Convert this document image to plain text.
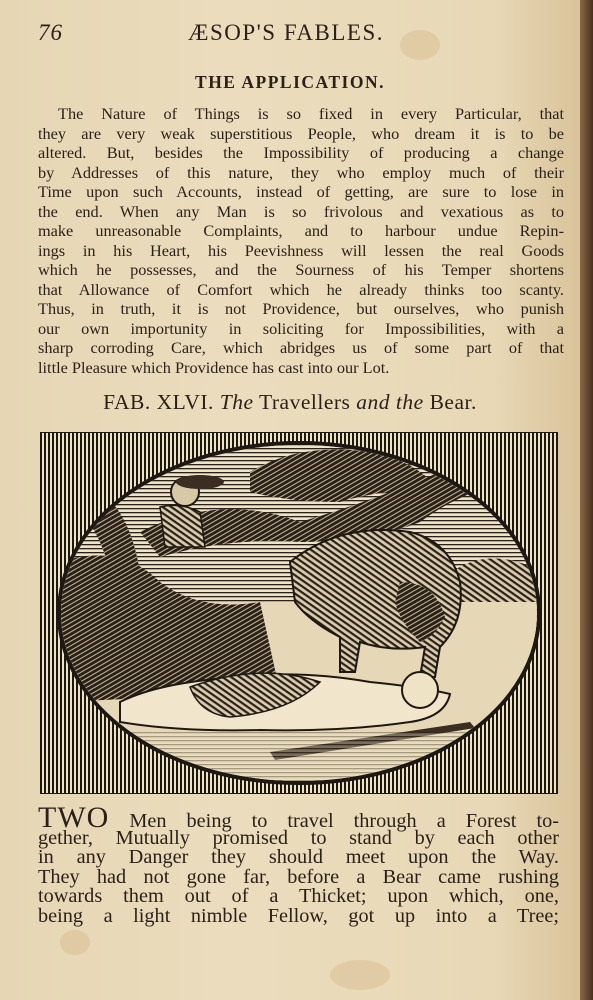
76	ÆSOP'S FABLES.
THE APPLICATION.
The Nature of Things is so fixed in every Particular, that
they are very weak superstitious People, who dream it is to be
altered. But, besides the Impossibility of producing a change
by Addresses of this nature, they who employ much of their
Time upon such Accounts, instead of getting, are sure to lose in
the end. When any Man is so frivolous and vexatious as to
make unreasonable Complaints, and to harbour undue Repin-
ings in his Heart, his Peevishness will lessen the real Goods
which he possesses, and the Sourness of his Temper shortens
that Allowance of Comfort which he already thinks too scanty.
Thus, in truth, it is not Providence, but ourselves, who punish
our own importunity in soliciting for Impossibilities, with a
sharp corroding Care, which abridges us of some part of that
little Pleasure which Providence has cast into our Lot.
FAB. XLVI. The Travellers and the Bear.
TWO Men being to travel through a Forest to-
gether, Mutually promised to stand by each other
in any Danger they should meet upon the Way.
They had not gone far, before a Bear came rushing
towards them out of a Thicket; upon which, one,
being a light nimble Fellow, got up into a Tree;
